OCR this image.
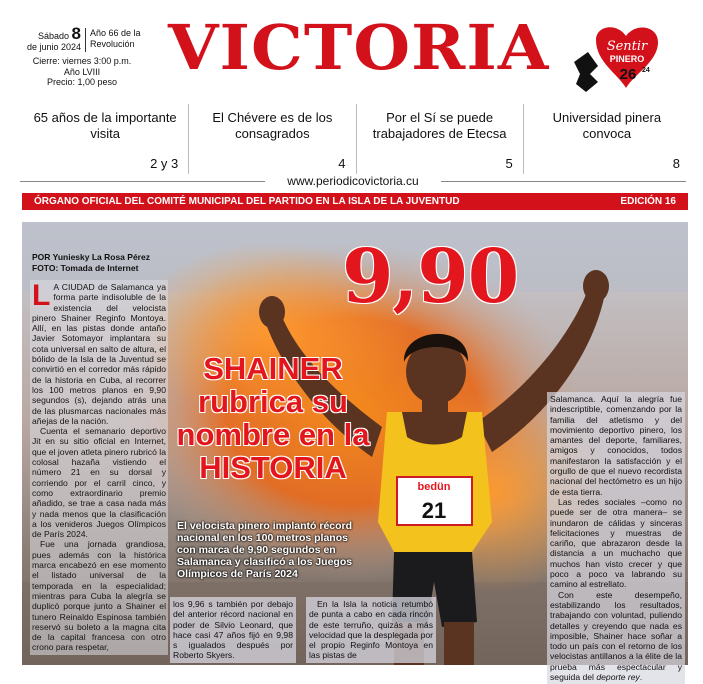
Sábado 8
de junio 2024
Año 66 de la
Revolución
Cierre: viernes 3:00 p.m.
Año LVIII
Precio: 1,00 peso VICTORIA	Sentir
PINERO
26 24
65 años de la importante visita
2 y 3
El Chévere es de los consagrados
4
Por el Sí se puede trabajadores de Etecsa
5
Universidad pinera convoca
8
www.periodicovictoria.cu
ÓRGANO OFICIAL DEL COMITÉ MUNICIPAL DEL PARTIDO EN LA ISLA DE LA JUVENTUD	EDICIÓN 16
bedün
21
POR Yuniesky La Rosa Pérez
FOTO: Tomada de Internet

L A CIUDAD de Salamanca ya forma parte indisoluble de la existencia del velocista pinero Shainer Reginfo Montoya. Allí, en las pistas donde antaño Javier Sotomayor implantara su cota universal en salto de altura, el bólido de la Isla de la Juventud se convirtió en el corredor más rápido de la historia en Cuba, al recorrer los 100 metros planos en 9,90 segundos (s), dejando atrás una de las plusmarcas nacionales más añejas de la nación.

Cuenta el semanario deportivo Jit en su sitio oficial en Internet, que el joven atleta pinero rubricó la colosal hazaña vistiendo el número 21 en su dorsal y corriendo por el carril cinco, y como extraordinario premio añadido, se trae a casa nada más y nada menos que la clasificación a los venideros Juegos Olímpicos de París 2024.

Fue una jornada grandiosa, pues además con la histórica marca encabezó en ese momento el listado universal de la temporada en la especialidad; mientras para Cuba la alegría se duplicó porque junto a Shainer el tunero Reinaldo Espinosa también reservó su boleto a la magna cita de la capital francesa con otro crono para respetar,

9,90
SHAINER rubrica su nombre en la HISTORIA
El velocista pinero implantó récord nacional en los 100 metros planos con marca de 9,90 segundos en Salamanca y clasificó a los Juegos Olímpicos de París 2024
los 9,96 s también por debajo del anterior récord nacional en poder de Silvio Leonard, que hace casi 47 años fijó en 9,98 s igualados después por Roberto Skyers.
En la Isla la noticia retumbó de punta a cabo en cada rincón de este terruño, quizás a más velocidad que la desplegada por el propio Reginfo Montoya en las pistas de

Salamanca. Aquí la alegría fue indescriptible, comenzando por la familia del atletismo y del movimiento deportivo pinero, los amantes del deporte, familiares, amigos y conocidos, todos manifestaron la satisfacción y el orgullo de que el nuevo recordista nacional del hectómetro es un hijo de esta tierra.

Las redes sociales –como no puede ser de otra manera– se inundaron de cálidas y sinceras felicitaciones y muestras de cariño, que abrazaron desde la distancia a un muchacho que muchos han visto crecer y que poco a poco va labrando su camino al estrellato.

Con este desempeño, estabilizando los resultados, trabajando con voluntad, puliendo detalles y creyendo que nada es imposible, Shainer hace soñar a todo un país con el retorno de los velocistas antillanos a la élite de la prueba más espectacular y seguida del deporte rey.
